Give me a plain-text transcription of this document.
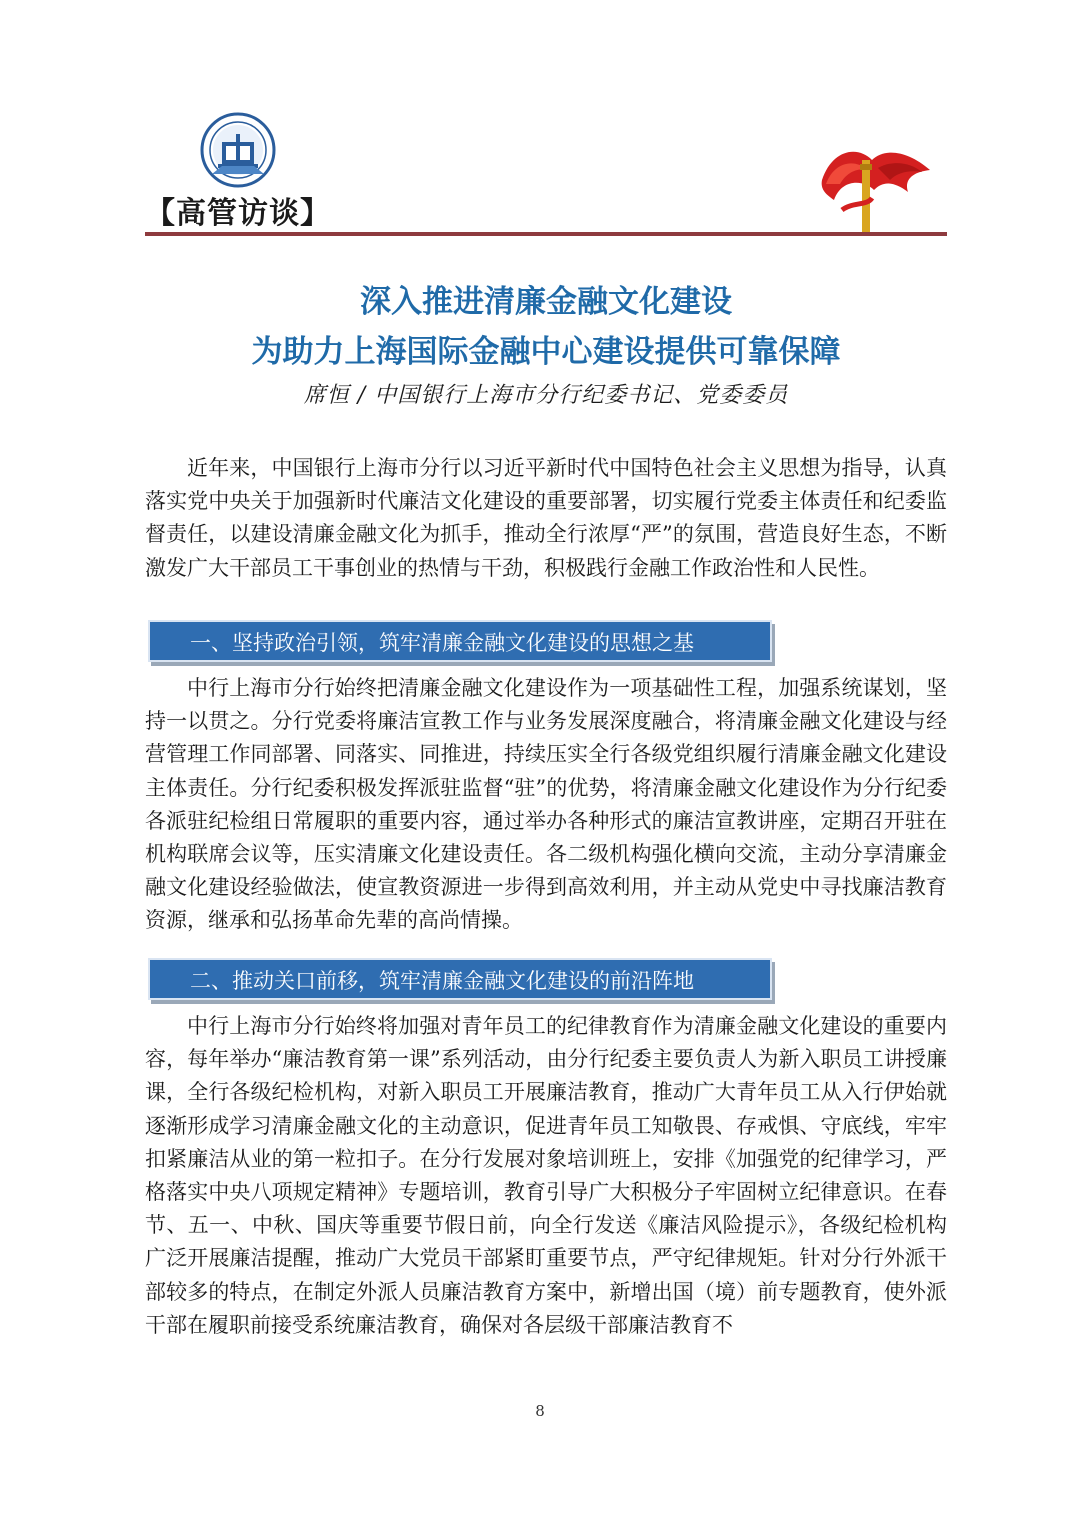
【高管访谈】
深入推进清廉金融文化建设
为助力上海国际金融中心建设提供可靠保障
席恒 / 中国银行上海市分行纪委书记、党委委员

近年来，中国银行上海市分行以习近平新时代中国特色社会主义思想为指导，认真落实党中央关于加强新时代廉洁文化建设的重要部署，切实履行党委主体责任和纪委监督责任，以建设清廉金融文化为抓手，推动全行浓厚“严”的氛围，营造良好生态，不断激发广大干部员工干事创业的热情与干劲，积极践行金融工作政治性和人民性。

一、坚持政治引领，筑牢清廉金融文化建设的思想之基

中行上海市分行始终把清廉金融文化建设作为一项基础性工程，加强系统谋划，坚持一以贯之。分行党委将廉洁宣教工作与业务发展深度融合，将清廉金融文化建设与经营管理工作同部署、同落实、同推进，持续压实全行各级党组织履行清廉金融文化建设主体责任。分行纪委积极发挥派驻监督“驻”的优势，将清廉金融文化建设作为分行纪委各派驻纪检组日常履职的重要内容，通过举办各种形式的廉洁宣教讲座，定期召开驻在机构联席会议等，压实清廉文化建设责任。各二级机构强化横向交流，主动分享清廉金融文化建设经验做法，使宣教资源进一步得到高效利用，并主动从党史中寻找廉洁教育资源，继承和弘扬革命先辈的高尚情操。

二、推动关口前移，筑牢清廉金融文化建设的前沿阵地

中行上海市分行始终将加强对青年员工的纪律教育作为清廉金融文化建设的重要内容，每年举办“廉洁教育第一课”系列活动，由分行纪委主要负责人为新入职员工讲授廉课，全行各级纪检机构，对新入职员工开展廉洁教育，推动广大青年员工从入行伊始就逐渐形成学习清廉金融文化的主动意识，促进青年员工知敬畏、存戒惧、守底线，牢牢扣紧廉洁从业的第一粒扣子。在分行发展对象培训班上，安排《加强党的纪律学习，严格落实中央八项规定精神》专题培训，教育引导广大积极分子牢固树立纪律意识。在春节、五一、中秋、国庆等重要节假日前，向全行发送《廉洁风险提示》，各级纪检机构广泛开展廉洁提醒，推动广大党员干部紧盯重要节点，严守纪律规矩。针对分行外派干部较多的特点，在制定外派人员廉洁教育方案中，新增出国（境）前专题教育，使外派干部在履职前接受系统廉洁教育，确保对各层级干部廉洁教育不

8
